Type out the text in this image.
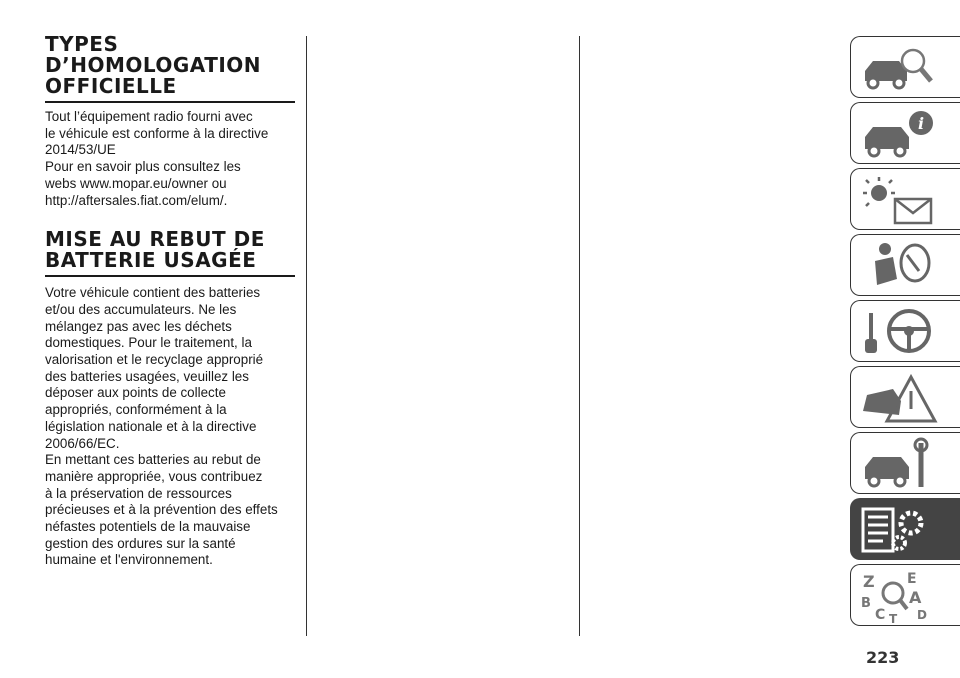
TYPES
D’HOMOLOGATION
OFFICIELLE

Tout l’équipement radio fourni avec
le véhicule est conforme à la directive
2014/53/UE

Pour en savoir plus consultez les
webs www.mopar.eu/owner ou
http://aftersales.fiat.com/elum/.

MISE AU REBUT DE
BATTERIE USAGÉE

Votre véhicule contient des batteries
et/ou des accumulateurs. Ne les
mélangez pas avec les déchets
domestiques. Pour le traitement, la
valorisation et le recyclage approprié
des batteries usagées, veuillez les
déposer aux points de collecte
appropriés, conformément à la
législation nationale et à la directive
2006/66/EC.

En mettant ces batteries au rebut de
manière appropriée, vous contribuez
à la préservation de ressources
précieuses et à la prévention des effets
néfastes potentiels de la mauvaise
gestion des ordures sur la santé
humaine et l'environnement.

i
Z E
B A
C	D
T
223
